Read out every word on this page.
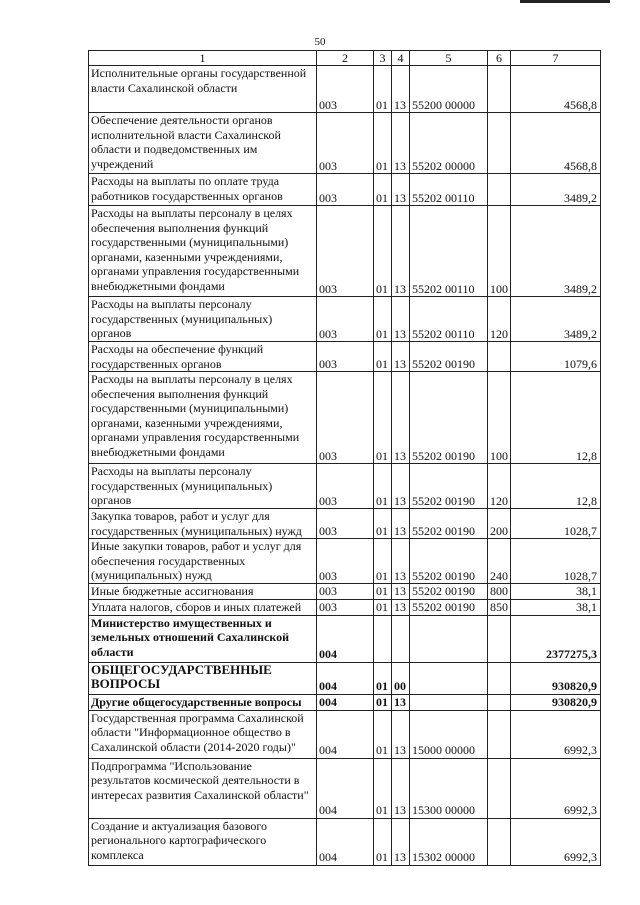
50
1	2	3	4	5	6	7
Исполнительные органы государственной власти Сахалинской области	003	01	13	55200 00000		4568,8
Обеспечение деятельности органов исполнительной власти Сахалинской области и подведомственных им учреждений	003	01	13	55202 00000		4568,8
Расходы на выплаты по оплате труда работников государственных органов	003	01	13	55202 00110		3489,2
Расходы на выплаты персоналу в целях обеспечения выполнения функций государственными (муниципальными) органами, казенными учреждениями, органами управления государственными внебюджетными фондами	003	01	13	55202 00110	100	3489,2
Расходы на выплаты персоналу государственных (муниципальных) органов	003	01	13	55202 00110	120	3489,2
Расходы на обеспечение функций государственных органов	003	01	13	55202 00190		1079,6
Расходы на выплаты персоналу в целях обеспечения выполнения функций государственными (муниципальными) органами, казенными учреждениями, органами управления государственными внебюджетными фондами	003	01	13	55202 00190	100	12,8
Расходы на выплаты персоналу государственных (муниципальных) органов	003	01	13	55202 00190	120	12,8
Закупка товаров, работ и услуг для государственных (муниципальных) нужд	003	01	13	55202 00190	200	1028,7
Иные закупки товаров, работ и услуг для обеспечения государственных (муниципальных) нужд	003	01	13	55202 00190	240	1028,7
Иные бюджетные ассигнования	003	01	13	55202 00190	800	38,1
Уплата налогов, сборов и иных платежей	003	01	13	55202 00190	850	38,1
Министерство имущественных и земельных отношений Сахалинской области	004					2377275,3
ОБЩЕГОСУДАРСТВЕННЫЕ ВОПРОСЫ	004	01	00			930820,9
Другие общегосударственные вопросы	004	01	13			930820,9
Государственная программа Сахалинской области "Информационное общество в Сахалинской области (2014-2020 годы)"	004	01	13	15000 00000		6992,3
Подпрограмма "Использование результатов космической деятельности в интересах развития Сахалинской области"	004	01	13	15300 00000		6992,3
Создание и актуализация базового регионального картографического комплекса	004	01	13	15302 00000		6992,3
